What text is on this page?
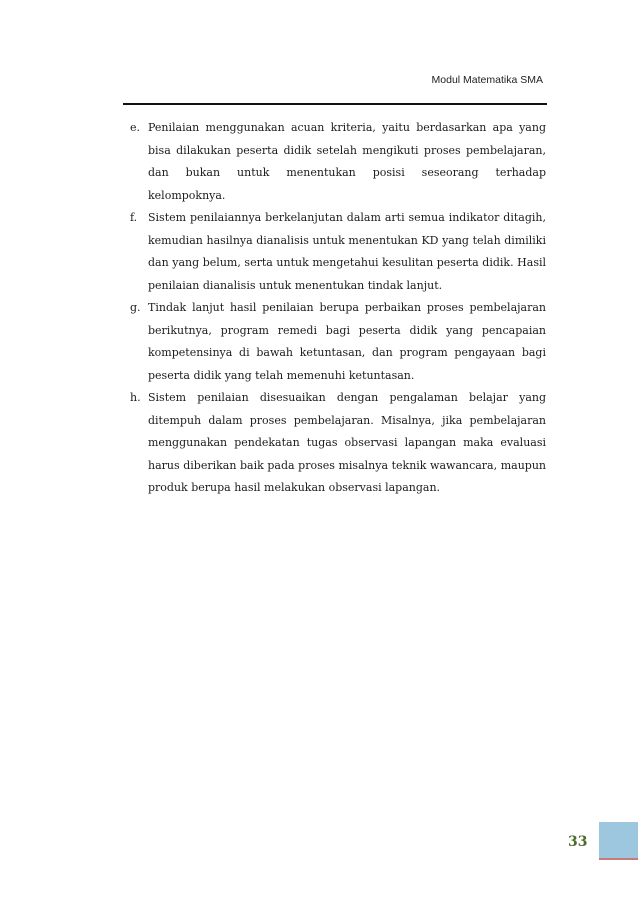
Modul Matematika SMA
e. Penilaian menggunakan acuan kriteria, yaitu berdasarkan apa yang bisa dilakukan peserta didik setelah mengikuti proses pembelajaran, dan bukan untuk menentukan posisi seseorang terhadap kelompoknya.
f. Sistem penilaiannya berkelanjutan dalam arti semua indikator ditagih, kemudian hasilnya dianalisis untuk menentukan KD yang telah dimiliki dan yang belum, serta untuk mengetahui kesulitan peserta didik. Hasil penilaian dianalisis untuk menentukan tindak lanjut.
g. Tindak lanjut hasil penilaian berupa perbaikan proses pembelajaran berikutnya, program remedi bagi peserta didik yang pencapaian kompetensinya di bawah ketuntasan, dan program pengayaan bagi peserta didik yang telah memenuhi ketuntasan.
h. Sistem penilaian disesuaikan dengan pengalaman belajar yang ditempuh dalam proses pembelajaran. Misalnya, jika pembelajaran menggunakan pendekatan tugas observasi lapangan maka evaluasi harus diberikan baik pada proses misalnya teknik wawancara, maupun produk berupa hasil melakukan observasi lapangan.
33
